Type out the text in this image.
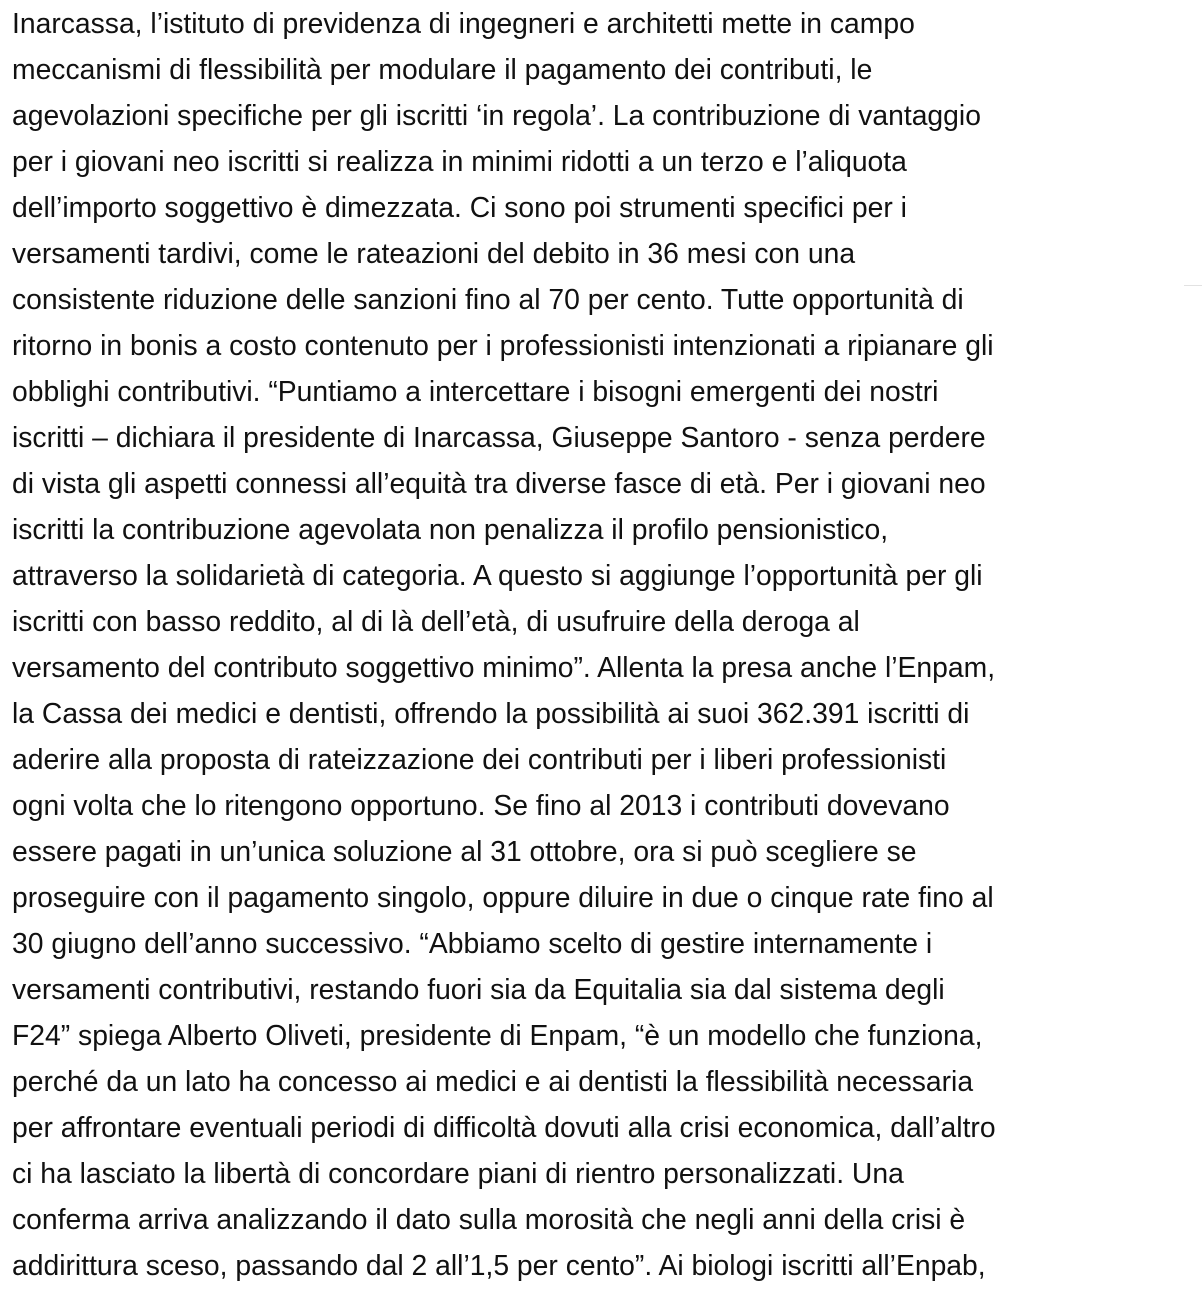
Inarcassa, l’istituto di previdenza di ingegneri e architetti mette in campo
meccanismi di flessibilità per modulare il pagamento dei contributi, le
agevolazioni specifiche per gli iscritti ‘in regola’. La contribuzione di vantaggio
per i giovani neo iscritti si realizza in minimi ridotti a un terzo e l’aliquota
dell’importo soggettivo è dimezzata. Ci sono poi strumenti specifici per i
versamenti tardivi, come le rateazioni del debito in 36 mesi con una
consistente riduzione delle sanzioni fino al 70 per cento. Tutte opportunità di
ritorno in bonis a costo contenuto per i professionisti intenzionati a ripianare gli
obblighi contributivi. “Puntiamo a intercettare i bisogni emergenti dei nostri
iscritti – dichiara il presidente di Inarcassa, Giuseppe Santoro - senza perdere
di vista gli aspetti connessi all’equità tra diverse fasce di età. Per i giovani neo
iscritti la contribuzione agevolata non penalizza il profilo pensionistico,
attraverso la solidarietà di categoria. A questo si aggiunge l’opportunità per gli
iscritti con basso reddito, al di là dell’età, di usufruire della deroga al
versamento del contributo soggettivo minimo”. Allenta la presa anche l’Enpam,
la Cassa dei medici e dentisti, offrendo la possibilità ai suoi 362.391 iscritti di
aderire alla proposta di rateizzazione dei contributi per i liberi professionisti
ogni volta che lo ritengono opportuno. Se fino al 2013 i contributi dovevano
essere pagati in un’unica soluzione al 31 ottobre, ora si può scegliere se
proseguire con il pagamento singolo, oppure diluire in due o cinque rate fino al
30 giugno dell’anno successivo. “Abbiamo scelto di gestire internamente i
versamenti contributivi, restando fuori sia da Equitalia sia dal sistema degli
F24” spiega Alberto Oliveti, presidente di Enpam, “è un modello che funziona,
perché da un lato ha concesso ai medici e ai dentisti la flessibilità necessaria
per affrontare eventuali periodi di difficoltà dovuti alla crisi economica, dall’altro
ci ha lasciato la libertà di concordare piani di rientro personalizzati. Una
conferma arriva analizzando il dato sulla morosità che negli anni della crisi è
addirittura sceso, passando dal 2 all’1,5 per cento”. Ai biologi iscritti all’Enpab,
